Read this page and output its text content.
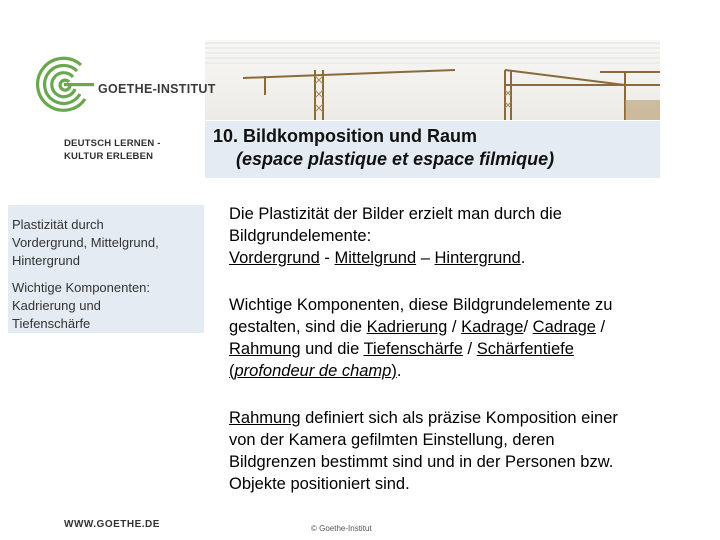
GOETHE-INSTITUT
DEUTSCH LERNEN -
KULTUR ERLEBEN
10. Bildkomposition und Raum
(espace plastique et espace filmique)
Plastizität durch
Vordergrund, Mittelgrund,
Hintergrund
Wichtige Komponenten:
Kadrierung und
Tiefenschärfe
Die Plastizität der Bilder erzielt man durch die
Bildgrundelemente:
Vordergrund - Mittelgrund – Hintergrund.
Wichtige Komponenten, diese Bildgrundelemente zu
gestalten, sind die Kadrierung / Kadrage/ Cadrage /
Rahmung und die Tiefenschärfe / Schärfentiefe
(profondeur de champ).
Rahmung definiert sich als präzise Komposition einer
von der Kamera gefilmten Einstellung, deren
Bildgrenzen bestimmt sind und in der Personen bzw.
Objekte positioniert sind.
WWW.GOETHE.DE	© Goethe-Institut
